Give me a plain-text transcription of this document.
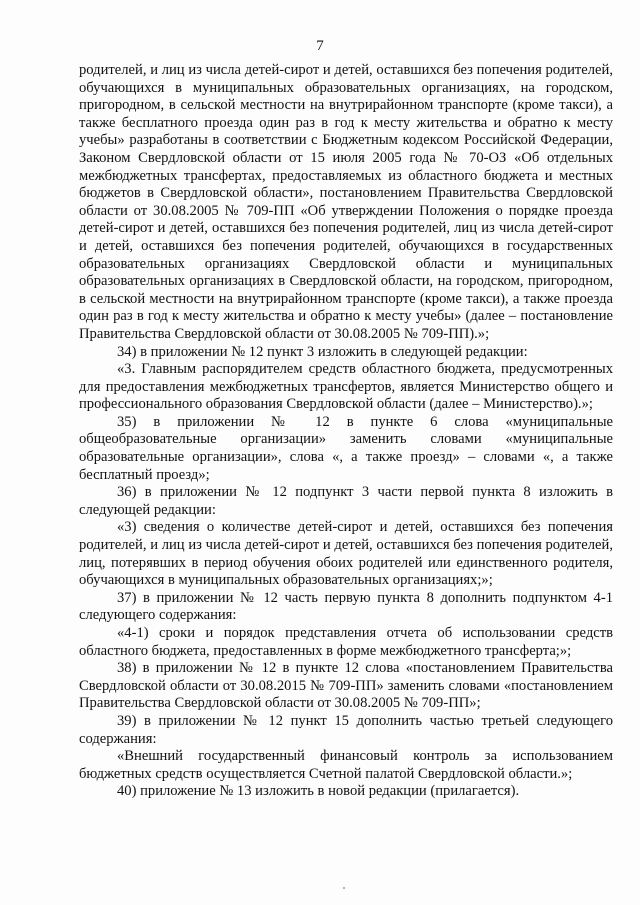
7

родителей, и лиц из числа детей-сирот и детей, оставшихся без попечения родителей, обучающихся в муниципальных образовательных организациях, на городском, пригородном, в сельской местности на внутрирайонном транспорте (кроме такси), а также бесплатного проезда один раз в год к месту жительства и обратно к месту учебы» разработаны в соответствии с Бюджетным кодексом Российской Федерации, Законом Свердловской области от 15 июля 2005 года № 70-ОЗ «Об отдельных межбюджетных трансфертах, предоставляемых из областного бюджета и местных бюджетов в Свердловской области», постановлением Правительства Свердловской области от 30.08.2005 № 709-ПП «Об утверждении Положения о порядке проезда детей-сирот и детей, оставшихся без попечения родителей, лиц из числа детей-сирот и детей, оставшихся без попечения родителей, обучающихся в государственных образовательных организациях Свердловской области и муниципальных образовательных организациях в Свердловской области, на городском, пригородном, в сельской местности на внутрирайонном транспорте (кроме такси), а также проезда один раз в год к месту жительства и обратно к месту учебы» (далее – постановление Правительства Свердловской области от 30.08.2005 № 709-ПП).»;

34) в приложении № 12 пункт 3 изложить в следующей редакции:

«3. Главным распорядителем средств областного бюджета, предусмотренных для предоставления межбюджетных трансфертов, является Министерство общего и профессионального образования Свердловской области (далее – Министерство).»;

35) в приложении № 12 в пункте 6 слова «муниципальные общеобразовательные организации» заменить словами «муниципальные образовательные организации», слова «, а также проезд» – словами «, а также бесплатный проезд»;

36) в приложении № 12 подпункт 3 части первой пункта 8 изложить в следующей редакции:

«3) сведения о количестве детей-сирот и детей, оставшихся без попечения родителей, и лиц из числа детей-сирот и детей, оставшихся без попечения родителей, лиц, потерявших в период обучения обоих родителей или единственного родителя, обучающихся в муниципальных образовательных организациях;»;

37) в приложении № 12 часть первую пункта 8 дополнить подпунктом 4-1 следующего содержания:

«4-1) сроки и порядок представления отчета об использовании средств областного бюджета, предоставленных в форме межбюджетного трансферта;»;

38) в приложении № 12 в пункте 12 слова «постановлением Правительства Свердловской области от 30.08.2015 № 709-ПП» заменить словами «постановлением Правительства Свердловской области от 30.08.2005 № 709-ПП»;

39) в приложении № 12 пункт 15 дополнить частью третьей следующего содержания:

«Внешний государственный финансовый контроль за использованием бюджетных средств осуществляется Счетной палатой Свердловской области.»;

40) приложение № 13 изложить в новой редакции (прилагается).
